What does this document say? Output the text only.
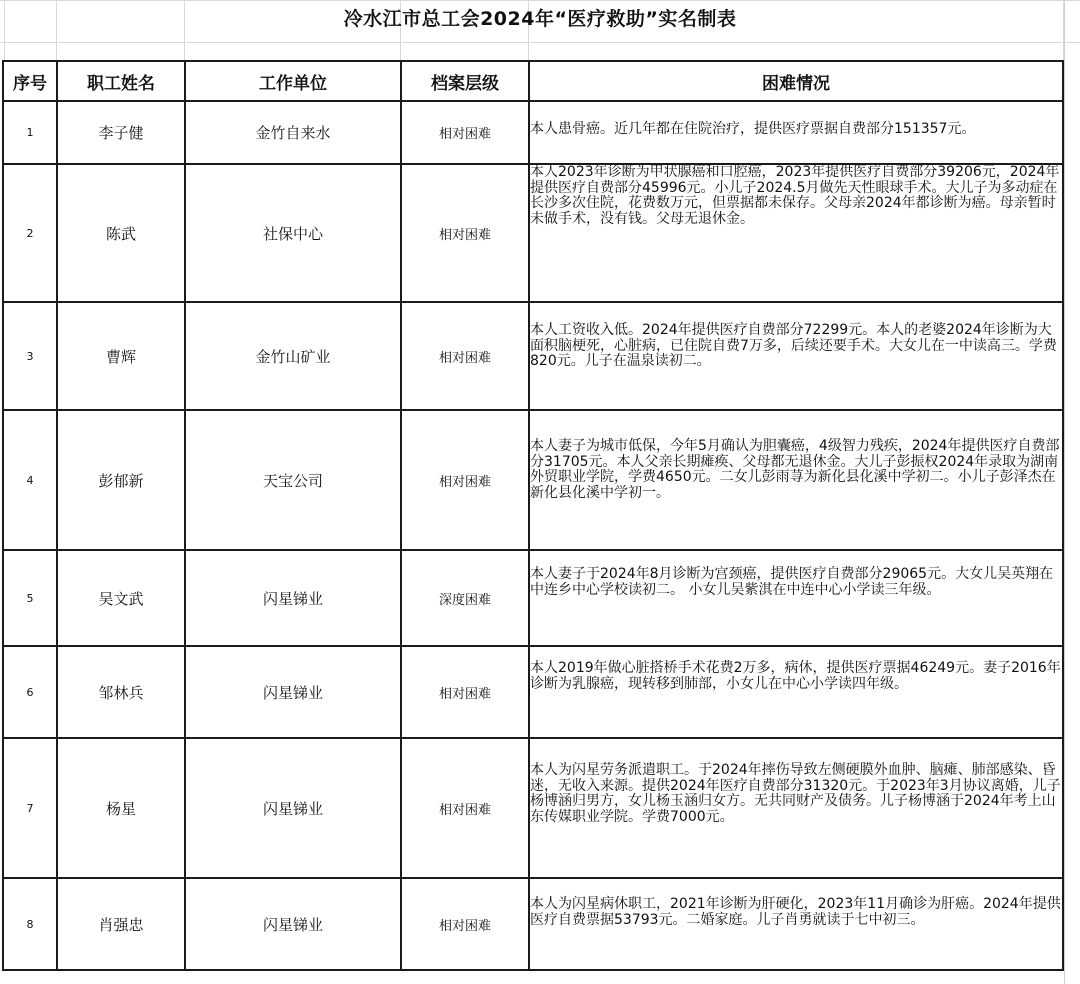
冷水江市总工会2024年“医疗救助”实名制表
序号	职工姓名	工作单位	档案层级	困难情况
1	李子健	金竹自来水	相对困难	本人患骨癌。近几年都在住院治疗，提供医疗票据自费部分151357元。
2	陈武	社保中心	相对困难	本人2023年诊断为甲状腺癌和口腔癌，2023年提供医疗自费部分39206元，2024年提供医疗自费部分45996元。小儿子2024.5月做先天性眼球手术。大儿子为多动症在长沙多次住院，花费数万元，但票据都未保存。父母亲2024年都诊断为癌。母亲暂时未做手术，没有钱。父母无退休金。
3	曹辉	金竹山矿业	相对困难	本人工资收入低。2024年提供医疗自费部分72299元。本人的老婆2024年诊断为大面积脑梗死，心脏病，已住院自费7万多，后续还要手术。大女儿在一中读高三。学费820元。儿子在温泉读初二。
4	彭郁新	天宝公司	相对困难	本人妻子为城市低保，今年5月确认为胆囊癌，4级智力残疾，2024年提供医疗自费部分31705元。本人父亲长期瘫痪、父母都无退休金。大儿子彭振权2024年录取为湖南外贸职业学院，学费4650元。二女儿彭雨荨为新化县化溪中学初二。小儿子彭泽杰在新化县化溪中学初一。
5	吴文武	闪星锑业	深度困难	本人妻子于2024年8月诊断为宫颈癌，提供医疗自费部分29065元。大女儿吴英翔在中连乡中心学校读初二。 小女儿吴紫淇在中连中心小学读三年级。
6	邹林兵	闪星锑业	相对困难	本人2019年做心脏搭桥手术花费2万多，病休，提供医疗票据46249元。妻子2016年诊断为乳腺癌，现转移到肺部，小女儿在中心小学读四年级。
7	杨星	闪星锑业	相对困难	本人为闪星劳务派遣职工。于2024年摔伤导致左侧硬膜外血肿、脑瘫、肺部感染、昏迷，无收入来源。提供2024年医疗自费部分31320元。于2023年3月协议离婚，儿子杨博涵归男方，女儿杨玉涵归女方。无共同财产及债务。儿子杨博涵于2024年考上山东传媒职业学院。学费7000元。
8	肖强忠	闪星锑业	相对困难	本人为闪星病休职工，2021年诊断为肝硬化，2023年11月确诊为肝癌。2024年提供医疗自费票据53793元。二婚家庭。儿子肖勇就读于七中初三。
